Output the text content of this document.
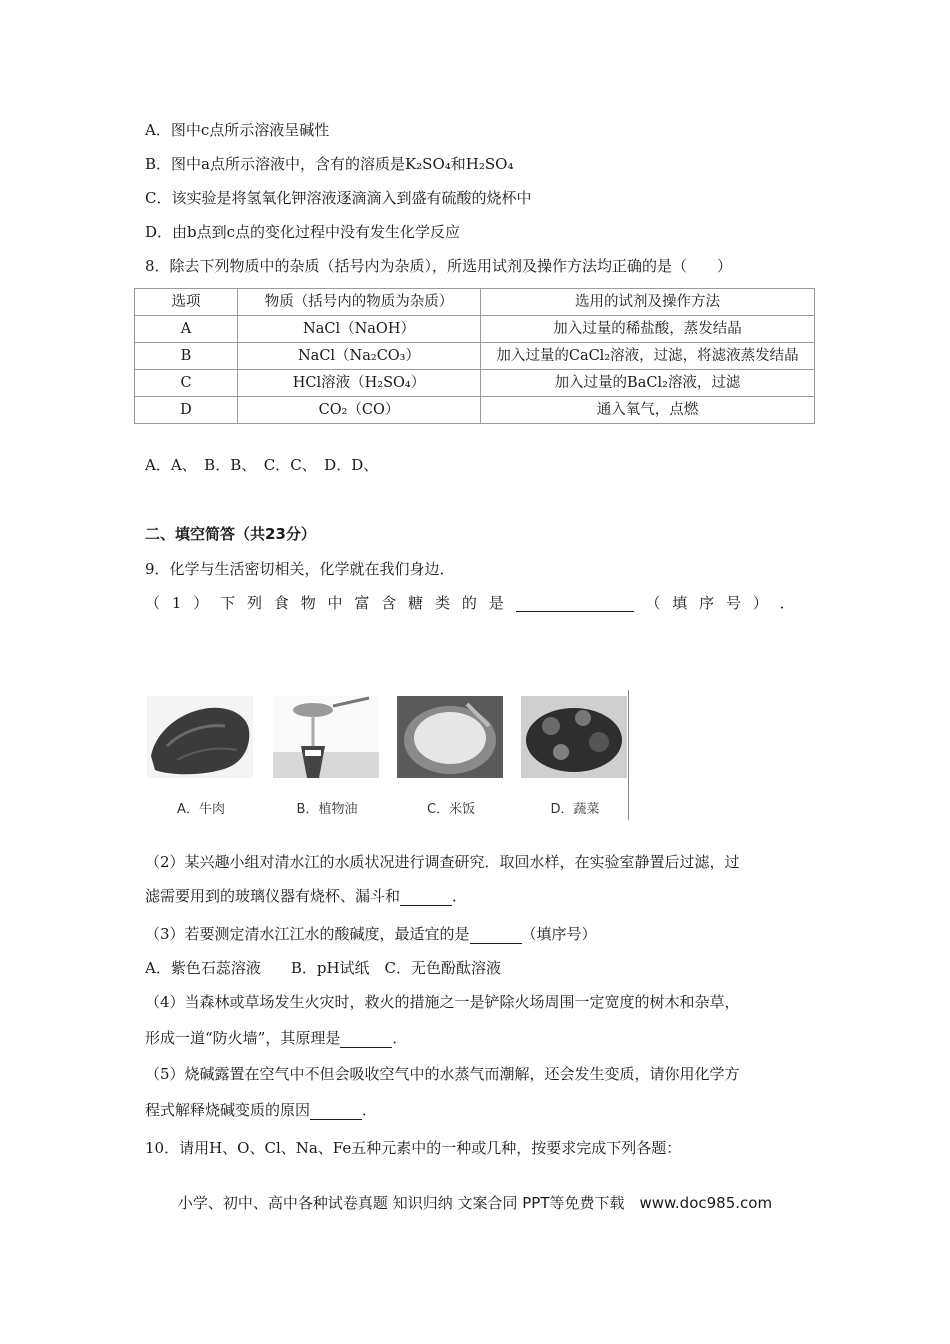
A．图中c点所示溶液呈碱性
B．图中a点所示溶液中，含有的溶质是K₂SO₄和H₂SO₄
C．该实验是将氢氧化钾溶液逐滴滴入到盛有硫酸的烧杯中
D．由b点到c点的变化过程中没有发生化学反应
8．除去下列物质中的杂质（括号内为杂质），所选用试剂及操作方法均正确的是（　　）
选项	物质（括号内的物质为杂质）	选用的试剂及操作方法
A	NaCl（NaOH）	加入过量的稀盐酸，蒸发结晶
B	NaCl（Na₂CO₃）	加入过量的CaCl₂溶液，过滤，将滤液蒸发结晶
C	HCl溶液（H₂SO₄）	加入过量的BaCl₂溶液，过滤
D	CO₂（CO）	通入氧气，点燃
A．A、　B．B、　C．C、　D．D、
二、填空简答（共23分）
9．化学与生活密切相关，化学就在我们身边．
（ 1 ） 下 列 食 物 中 富 含 糖 类 的 是	（ 填 序 号 ） ．
A．牛肉	B．植物油	C．米饭	D．蔬菜
（2）某兴趣小组对清水江的水质状况进行调查研究．取回水样，在实验室静置后过滤，过
滤需要用到的玻璃仪器有烧杯、漏斗和	．
（3）若要测定清水江江水的酸碱度，最适宜的是	（填序号）
A．紫色石蕊溶液　　B．pH试纸　C．无色酚酞溶液
（4）当森林或草场发生火灾时，救火的措施之一是铲除火场周围一定宽度的树木和杂草，
形成一道“防火墙”，其原理是	．
（5）烧碱露置在空气中不但会吸收空气中的水蒸气而潮解，还会发生变质，请你用化学方
程式解释烧碱变质的原因	．
10．请用H、O、Cl、Na、Fe五种元素中的一种或几种，按要求完成下列各题：
小学、初中、高中各种试卷真题 知识归纳 文案合同 PPT等免费下载　www.doc985.com
